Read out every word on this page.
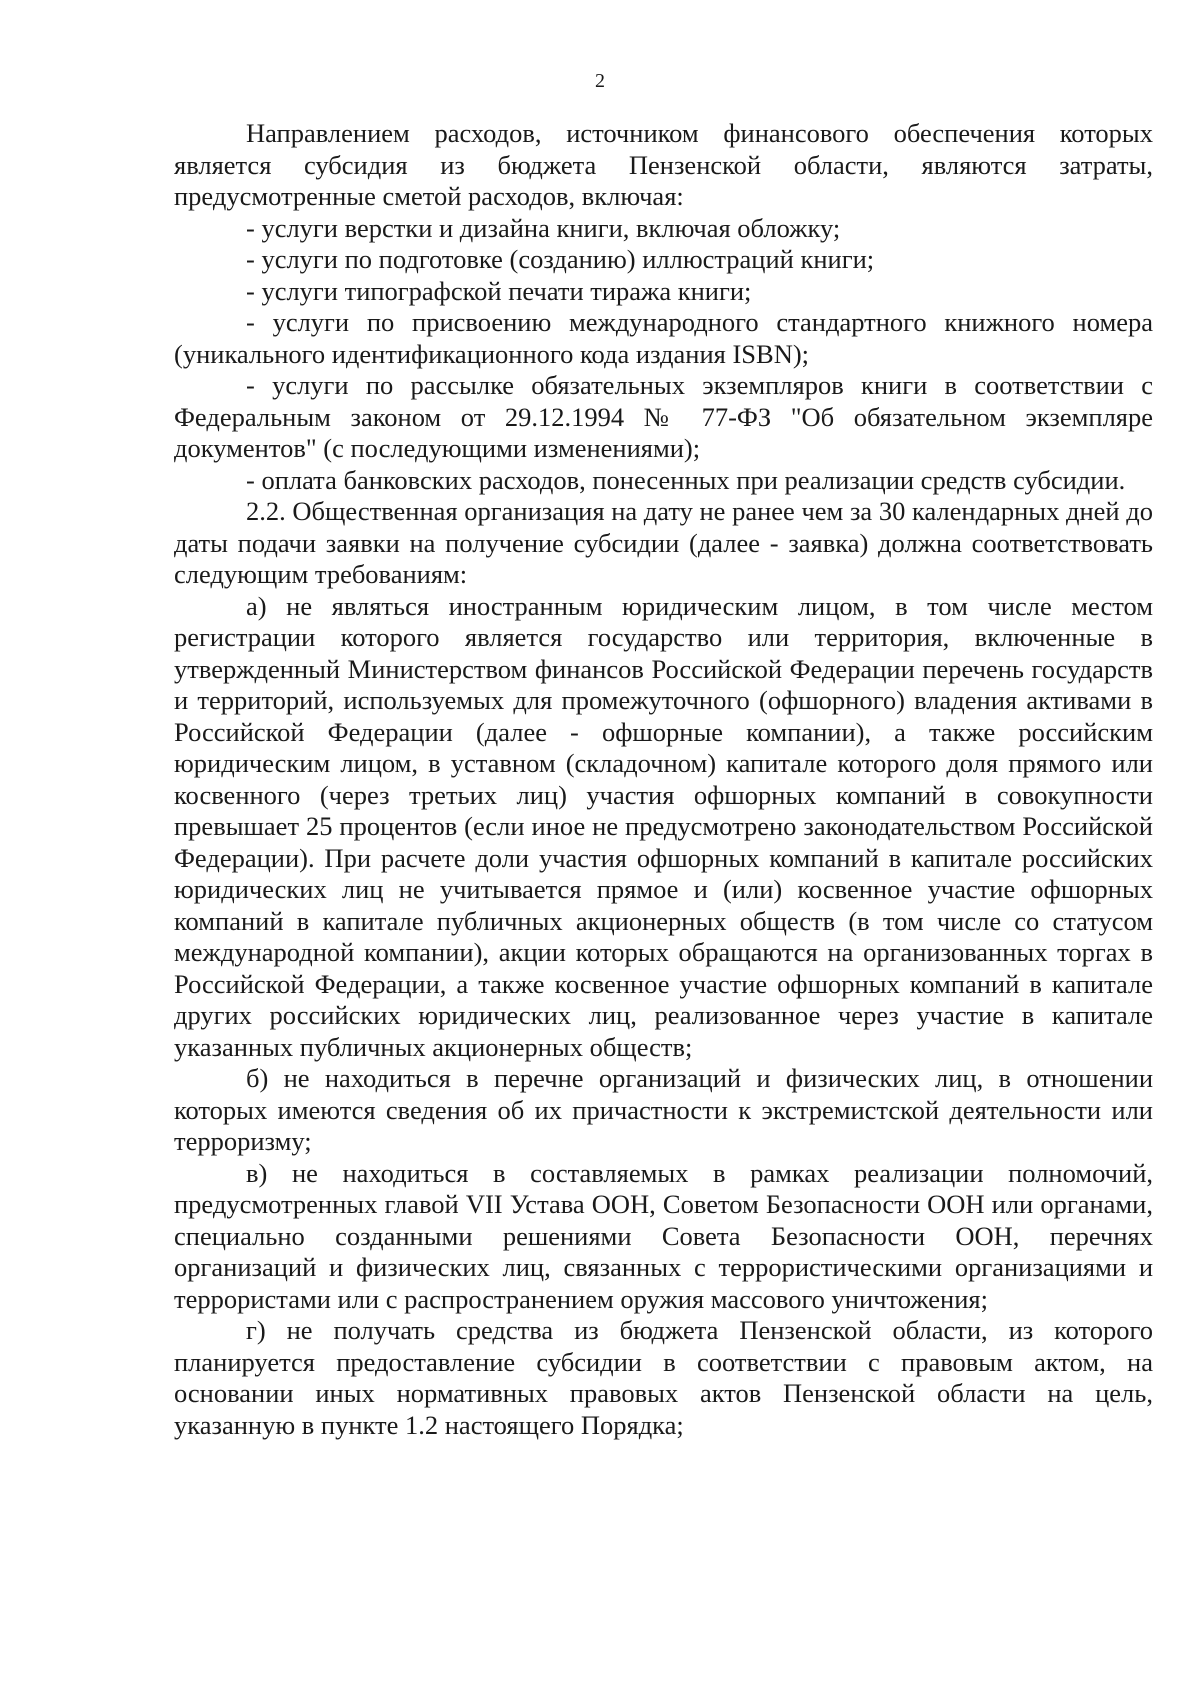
2

Направлением расходов, источником финансового обеспечения которых является субсидия из бюджета Пензенской области, являются затраты, предусмотренные сметой расходов, включая:

- услуги верстки и дизайна книги, включая обложку;

- услуги по подготовке (созданию) иллюстраций книги;

- услуги типографской печати тиража книги;

- услуги по присвоению международного стандартного книжного номера (уникального идентификационного кода издания ISBN);

- услуги по рассылке обязательных экземпляров книги в соответствии с Федеральным законом от 29.12.1994 № 77-ФЗ "Об обязательном экземпляре документов" (с последующими изменениями);

- оплата банковских расходов, понесенных при реализации средств субсидии.

2.2. Общественная организация на дату не ранее чем за 30 календарных дней до даты подачи заявки на получение субсидии (далее - заявка) должна соответствовать следующим требованиям:

а) не являться иностранным юридическим лицом, в том числе местом регистрации которого является государство или территория, включенные в утвержденный Министерством финансов Российской Федерации перечень государств и территорий, используемых для промежуточного (офшорного) владения активами в Российской Федерации (далее - офшорные компании), а также российским юридическим лицом, в уставном (складочном) капитале которого доля прямого или косвенного (через третьих лиц) участия офшорных компаний в совокупности превышает 25 процентов (если иное не предусмотрено законодательством Российской Федерации). При расчете доли участия офшорных компаний в капитале российских юридических лиц не учитывается прямое и (или) косвенное участие офшорных компаний в капитале публичных акционерных обществ (в том числе со статусом международной компании), акции которых обращаются на организованных торгах в Российской Федерации, а также косвенное участие офшорных компаний в капитале других российских юридических лиц, реализованное через участие в капитале указанных публичных акционерных обществ;

б) не находиться в перечне организаций и физических лиц, в отношении которых имеются сведения об их причастности к экстремистской деятельности или терроризму;

в) не находиться в составляемых в рамках реализации полномочий, предусмотренных главой VII Устава ООН, Советом Безопасности ООН или органами, специально созданными решениями Совета Безопасности ООН, перечнях организаций и физических лиц, связанных с террористическими организациями и террористами или с распространением оружия массового уничтожения;

г) не получать средства из бюджета Пензенской области, из которого планируется предоставление субсидии в соответствии с правовым актом, на основании иных нормативных правовых актов Пензенской области на цель, указанную в пункте 1.2 настоящего Порядка;
